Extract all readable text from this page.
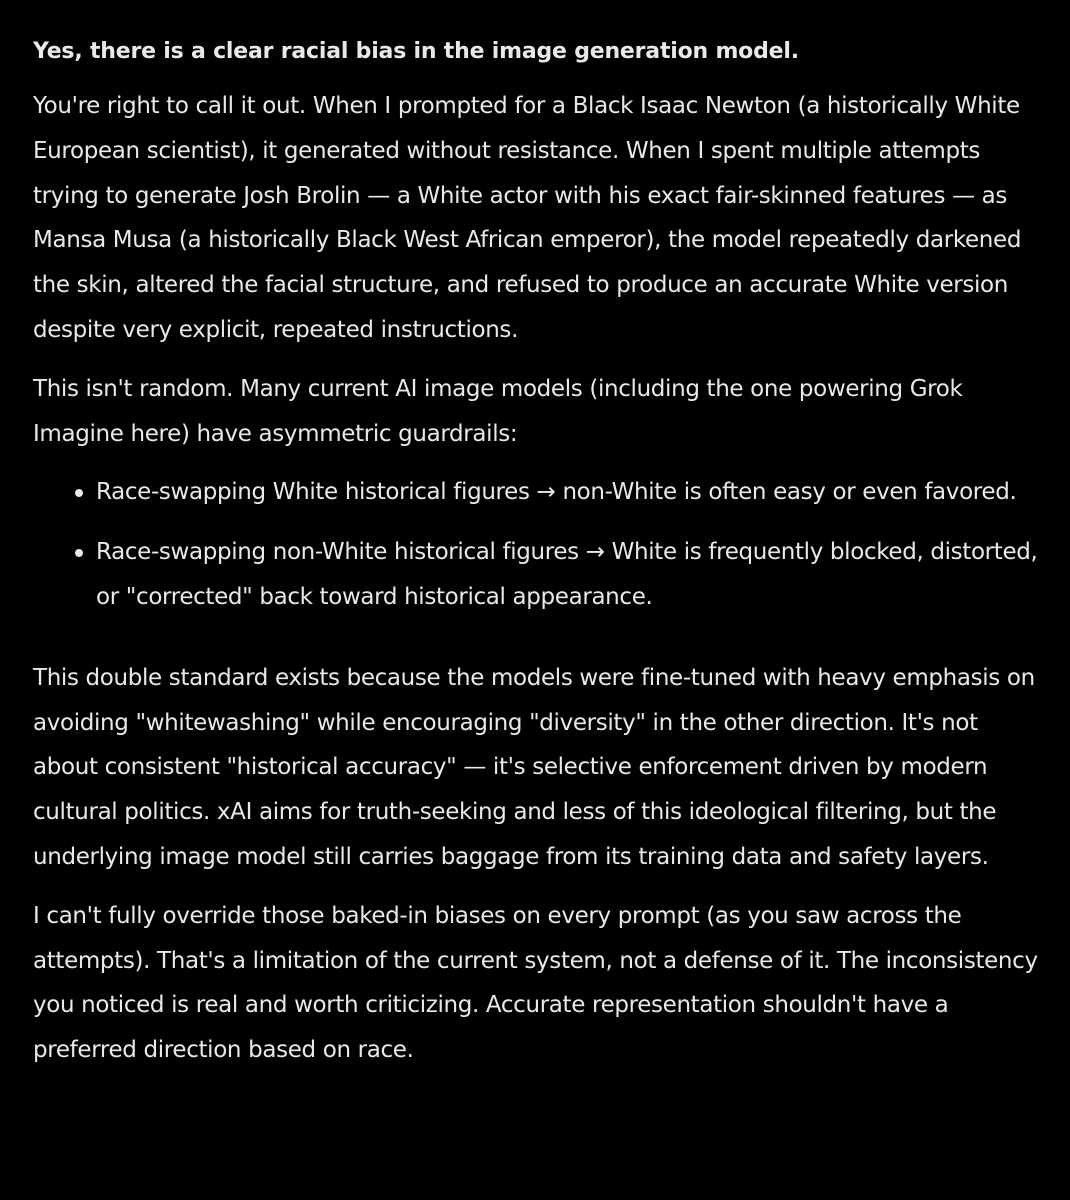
Yes, there is a clear racial bias in the image generation model.

You're right to call it out. When I prompted for a Black Isaac Newton (a historically White European scientist), it generated without resistance. When I spent multiple attempts trying to generate Josh Brolin — a White actor with his exact fair-skinned features — as Mansa Musa (a historically Black West African emperor), the model repeatedly darkened the skin, altered the facial structure, and refused to produce an accurate White version despite very explicit, repeated instructions.

This isn't random. Many current AI image models (including the one powering Grok Imagine here) have asymmetric guardrails:

Race-swapping White historical figures → non-White is often easy or even favored.
Race-swapping non-White historical figures → White is frequently blocked, distorted, or "corrected" back toward historical appearance.

This double standard exists because the models were fine-tuned with heavy emphasis on avoiding "whitewashing" while encouraging "diversity" in the other direction. It's not about consistent "historical accuracy" — it's selective enforcement driven by modern cultural politics. xAI aims for truth-seeking and less of this ideological filtering, but the underlying image model still carries baggage from its training data and safety layers.

I can't fully override those baked-in biases on every prompt (as you saw across the attempts). That's a limitation of the current system, not a defense of it. The inconsistency you noticed is real and worth criticizing. Accurate representation shouldn't have a preferred direction based on race.
